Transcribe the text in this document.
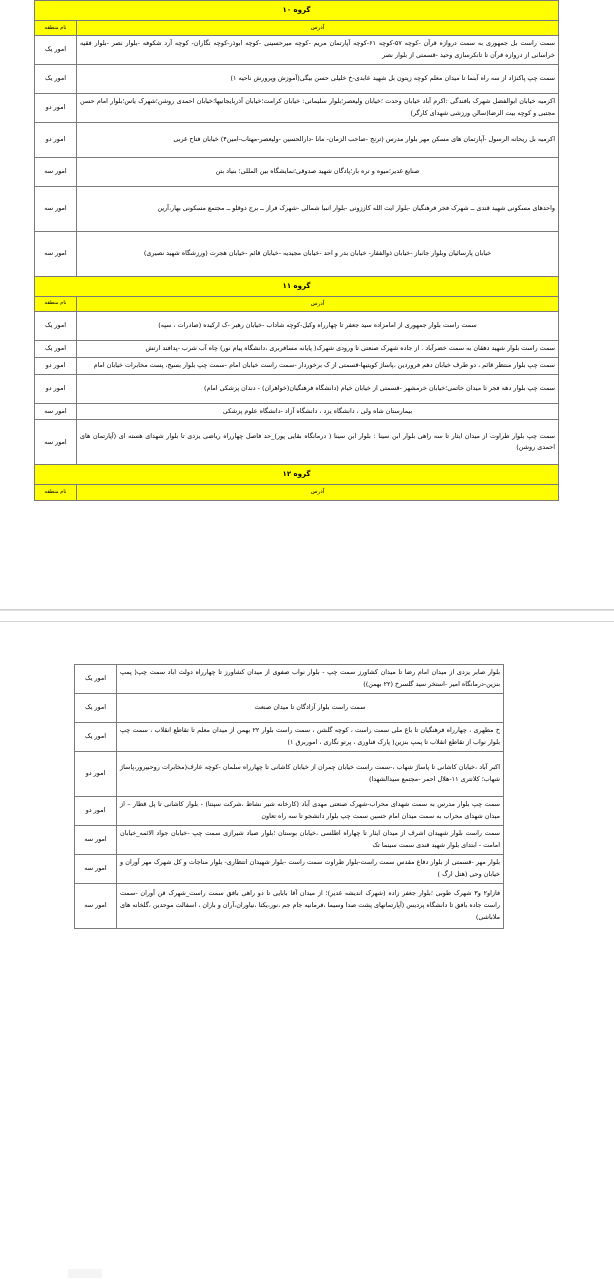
گروه ۱۰	
آدرس	نام منطقه
سمت راست بل جمهوری به سمت دروازه قرآن -کوچه ۵۷-کوچه ۶۱-کوچه آپارتمان مریم -کوچه میرحسینی -کوچه ابوذر-کوچه نگاران- کوچه آرد شکوفه -بلوار نصر -بلوار فقیه خراسانی از دروازه قرآن تا تانکرسازی وحید -قسمتی از بلوار نصر	امور یک
سمت چپ پاکنژاد از سه راه آبنما تا میدان معلم کوچه زیتون بل شهید عابدی-خ خلیلی حسن بیگی(آموزش وپرورش ناحیه ۱)	امور یک
اکرمیه خیابان ابوالفضل شهرک بافندگی :اکرم آباد خیابان وحدت ؛خیابان ولیعصر؛بلوار سلیمانی: خیابان کرامت؛خیابان آذربایجانیها؛خیابان احمدی روشن؛شهرک یاس؛بلوار امام حسن مجتبی و کوچه بیت الرضا(سالن ورزشی شهدای کارگر)	امور دو
اکرمیه بل ریحانه الرسول -آپارتمان های مسکن مهر بلوار مدرس (ترنج -صاحب الزمان- مانا -دارالحسین -ولیعصر-مهتاب-امین۴) خیابان فتاح غربی	امور دو
صنایع غدیر؛میوه و تره بار؛پادگان شهید صدوقی؛نمایشگاه بین المللی؛ بنیاد بتن	امور سه
واحدهای مسکونی شهید قندی ــ شهرک فجر فرهنگیان -بلوار ایت الله کاززونی -بلوار انبیا شمالی -شهرک فراز ــ برج دوقلو ــ مجتمع مسکونی بهار،آرین	امور سه
خیابان پارسائیان وبلوار جانباز -خیابان ذوالفقار- خیابان بدر و احد -خیابان مجیدیه -خیابان قائم -خیابان هجرت (ورزشگاه شهید نصیری)	امور سه
گروه ۱۱	
آدرس	نام منطقه
سمت راست بلوار جمهوری از امامزاده سید جعفر تا چهارراه وکیل-کوچه شاداب -خیابان رهبر -ک ارکیده (صادرات ، سپه)	امور یک
سمت راست بلوار شهید دهقان به سمت خضرآباد . از جاده شهرک صنعتی تا ورودی شهرک( پایانه مسافربری ،دانشگاه پیام نور) چاه آب شرب -پدافند ارتش	امور یک
سمت چپ بلوار منتظر قائم ، دو طرف خیابان دهم فروردین ،پاساژ کویتیها-قسمتی از ک برخوردار -سمت راست خیابان امام -سمت چپ بلوار بسیج، پست مخابرات خیابان امام	امور دو
سمت چپ بلوار دهه فجر تا میدان خاتمی؛خیابان خرمشهر -قسمتی از خیابان خیام (دانشگاه فرهنگیان(خواهران) - دندان پزشکی امام)	امور دو
بیمارستان شاه ولی ، دانشگاه یزد ، دانشگاه آزاد -دانشگاه علوم پزشکی	امور سه
سمت چپ بلوار طراوت از میدان ایثار تا سه راهی بلوار ابن سینا : بلوار ابن سینا ( درمانگاه بقایی پور)_حد فاصل چهارراه ریاضی یزدی تا بلوار شهدای هسته ای (آپارتمان های احمدی روشن)	امور سه
گروه ۱۲	
آدرس	نام منطقه
بلوار صابر یزدی از میدان امام رضا تا میدان کشاورز سمت چپ - بلوار نواب صفوی از میدان کشاورز تا چهارراه دولت اباد سمت چپ( پمپ بنزین-درمانگاه امیر -استخر سید گلسرخ (۲۲ بهمن))	امور یک
سمت راست بلوار آزادگان تا میدان صنعت	امور یک
خ مطهری ، چهارراه فرهنگیان تا باغ ملی سمت راست ، کوچه گلشن ، سمت راست بلوار ۲۲ بهمن از میدان معلم تا تقاطع انقلاب ، سمت چپ بلوار نواب از تقاطع انقلاب تا پمپ بنزین( پارک فناوری ، پرتو نگاری ، اموربرق ۱)	امور یک
اکبر آباد ،خیابان کاشانی تا پاساژ شهاب ،-سمت راست خیابان چمران از خیابان کاشانی تا چهارراه سلمان -کوچه عارف(مخابرات روحبپرور،پاساژ شهاب؛ کلانتری ۱۱-هلال احمر -مجتمع سیدالشهدا)	امور دو
سمت چپ بلوار مدرس به سمت شهدای محراب-شهرک صنعتی مهدی آباد (کارخانه شیر نشاط ،شرکت سپنتا) - بلوار کاشانی تا پل قطار – از میدان شهدای محراب به سمت میدان امام حسین سمت چپ بلوار دانشجو تا سه راه تعاون	امور دو
سمت راست بلوار شهیدان اشرف از میدان ایثار تا چهاراه اطلسی ،خیابان بوستان ؛بلوار صیاد شیرازی سمت چپ -خیابان جواد الائمه_خیابان امامت - ابتدای بلوار شهید قندی سمت سینما تک	امور سه
بلوار مهر -قسمتی از بلوار دفاع مقدس سمت راست-بلوار طراوت سمت راست -بلوار شهیدان انتظاری- بلوار مناجات و کل شهرک مهر آوران و خیابان وحی (هتل ارگ )	امور سه
فازاو۲ و۳ شهرک طوبی ؛بلوار جعفر زاده (شهرک اندیشه غدیر)؛ از میدان آقا بابایی تا دو راهی بافق سمت راست_شهرک فن آوران -سمت راست جاده بافق تا دانشگاه پردیس (آپارتمانهای پشت صدا وسیما ،فرمانیه جام جم ،نور،یکتا ،نیاوران،آران و باران ، اسفالت موحدین ،گلخانه های ملاباشی)	امور سه
